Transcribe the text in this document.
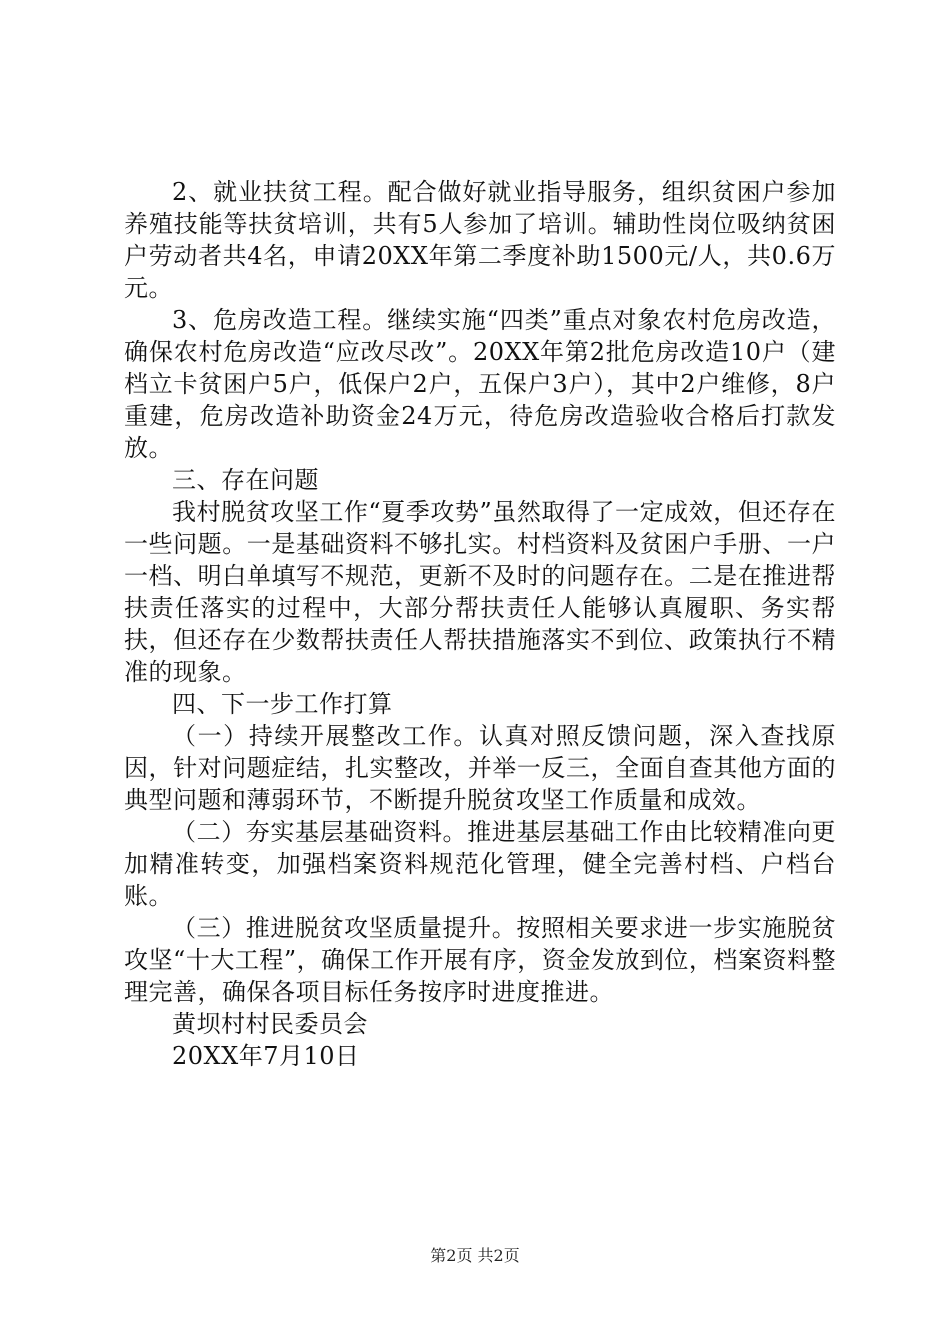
2、就业扶贫工程。配合做好就业指导服务，组织贫困户参加养殖技能等扶贫培训，共有5人参加了培训。辅助性岗位吸纳贫困户劳动者共4名，申请20XX年第二季度补助1500元/人，共0.6万元。

3、危房改造工程。继续实施“四类”重点对象农村危房改造，确保农村危房改造“应改尽改”。20XX年第2批危房改造10户（建档立卡贫困户5户，低保户2户，五保户3户），其中2户维修，8户重建，危房改造补助资金24万元，待危房改造验收合格后打款发放。

三、存在问题

我村脱贫攻坚工作“夏季攻势”虽然取得了一定成效，但还存在一些问题。一是基础资料不够扎实。村档资料及贫困户手册、一户一档、明白单填写不规范，更新不及时的问题存在。二是在推进帮扶责任落实的过程中，大部分帮扶责任人能够认真履职、务实帮扶，但还存在少数帮扶责任人帮扶措施落实不到位、政策执行不精准的现象。

四、下一步工作打算

（一）持续开展整改工作。认真对照反馈问题，深入查找原因，针对问题症结，扎实整改，并举一反三，全面自查其他方面的典型问题和薄弱环节，不断提升脱贫攻坚工作质量和成效。

（二）夯实基层基础资料。推进基层基础工作由比较精准向更加精准转变，加强档案资料规范化管理，健全完善村档、户档台账。

（三）推进脱贫攻坚质量提升。按照相关要求进一步实施脱贫攻坚“十大工程”，确保工作开展有序，资金发放到位，档案资料整理完善，确保各项目标任务按序时进度推进。

黄坝村村民委员会

20XX年7月10日

第2页 共2页
